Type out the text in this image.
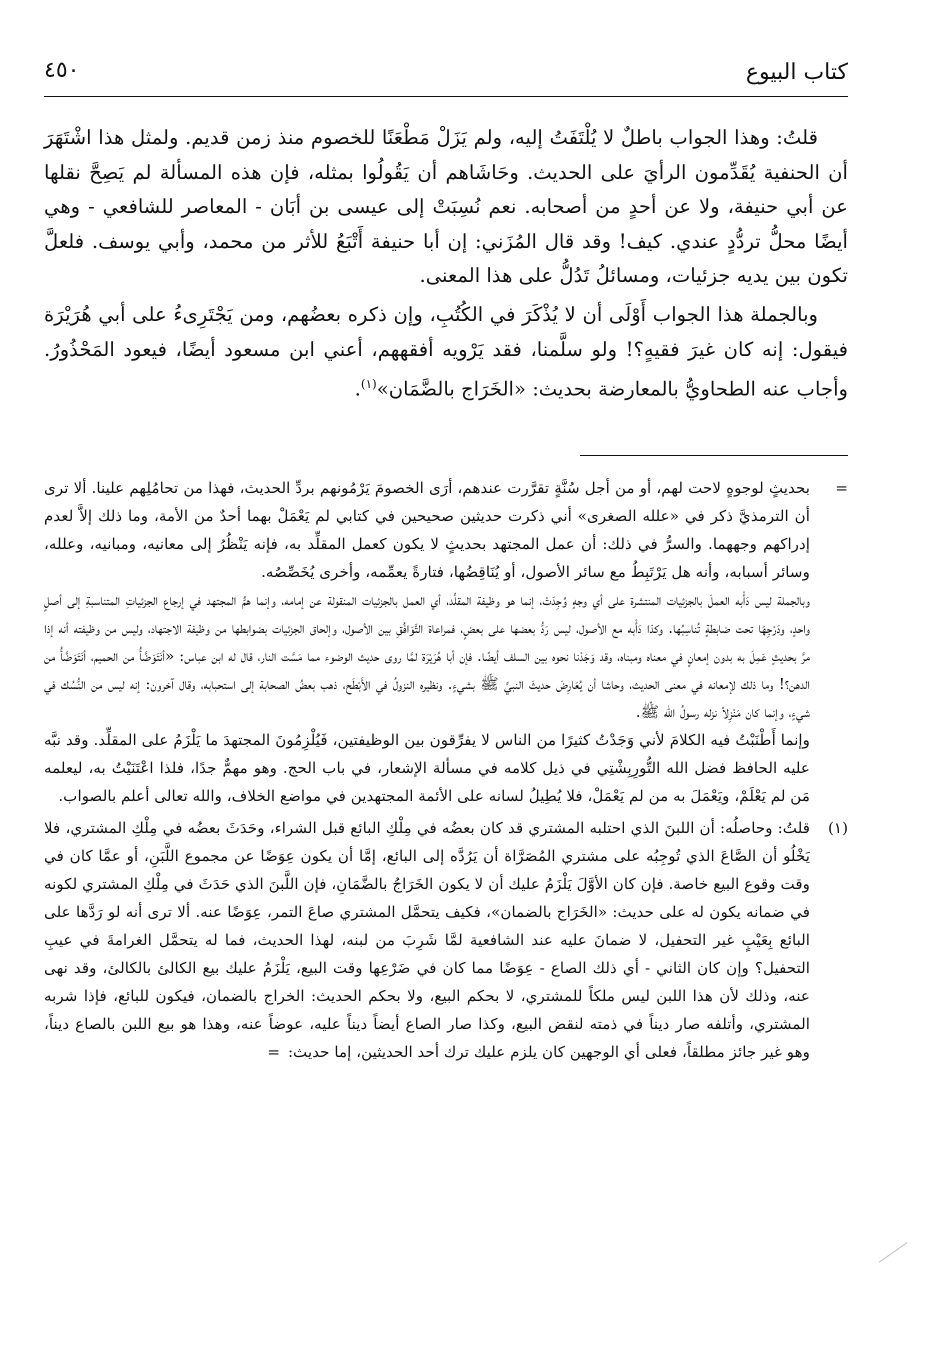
كتاب البيوع
٤٥٠

قلتُ: وهذا الجواب باطلٌ لا يُلْتَفَتُ إليه، ولم يَزَلْ مَطْعَنًا للخصوم منذ زمن قديم. ولمثل هذا اشْتَهَرَ أن الحنفية يُقَدِّمون الرأيَ على الحديث. وحَاشَاهم أن يَقُولُوا بمثله، فإن هذه المسألة لم يَصِحَّ نقلها عن أبي حنيفة، ولا عن أحدٍ من أصحابه. نعم نُسِبَتْ إلى عيسى بن أبَان - المعاصر للشافعي - وهي أيضًا محلُّ تردُّدٍ عندي. كيف! وقد قال المُزَني: إن أبا حنيفة أَتْبَعُ للأثر من محمد، وأبي يوسف. فلعلَّ تكون بين يديه جزئيات، ومسائلُ تَدُلُّ على هذا المعنى.

وبالجملة هذا الجواب أَوْلَى أن لا يُذْكَرَ في الكُتُبِ، وإن ذكره بعضُهم، ومن يَجْتَرِىءُ على أبي هُرَيْرَة فيقول: إنه كان غيرَ فقيهٍ؟! ولو سلَّمنا، فقد يَرْويه أفقههم، أعني ابن مسعود أيضًا، فيعود المَحْذُورُ. وأجاب عنه الطحاويُّ بالمعارضة بحديث: «الخَرَاج بالضَّمَان»$^{(١)}$.

=

بحديثٍ لوجوهٍ لاحت لهم، أو من أجل سُنَّةٍ تقرَّرت عندهم، أرَى الخصومَ يَرْمُونهم بردِّ الحديث، فهذا من تحامُلِهم علينا. ألا ترى أن الترمذيَّ ذكر في «علله الصغرى» أني ذكرت حديثين صحيحين في كتابي لم يَعْمَلْ بهما أحدٌ من الأمة، وما ذلك إلاَّ لعدم إدراكهم وجههما. والسرُّ في ذلك: أن عمل المجتهد بحديثٍ لا يكون كعمل المقلِّد به، فإنه يَنْظُرُ إلى معانيه، ومبانيه، وعلله، وسائر أسبابه، وأنه هل يَرْتَبِطُ مع سائر الأصول، أو يُنَاقِضُها، فتارةً يعمِّمه، وأخرى يُخَصِّصُه.

وبالجملة ليس دَأْبه العملَ بالجزئيات المنتشرة على أي وجهٍ وُجِدَتْ، إنما هو وظيفة المقلِّد، أي العمل بالجزئيات المنقولة عن إمامه، وإنما همُّ المجتهد في إرجاع الجزئياتِ المتناسبةِ إلى أصلٍ واحدٍ، ودَرْجِهَا تحت ضابطةٍ تُناسِبُها. وكذا دَأْبه مع الأصول، ليس رَدُّ بعضها على بعضٍ، فمراعاة التَّوَافُقِ بين الأصول، وإلحاق الجزئيات بضوابطها من وظيفة الاجتهاد، وليس من وظيفته أنه إذا مرَّ بحديثٍ عَمِلَ به بدون إمعانٍ في معناه ومبناه، وقد وَجَدْنا نحوه بين السلف أيضًا. فإن أبا هُرَيْرَة لمَّا روى حديث الوضوء مما مَسَّت النار، قال له ابن عباس: «أنَتَوَضَّأُ من الحميم، أنَتَوَضَّأُ من الدهن؟! وما ذلك لإمعانه في معنى الحديث، وحاشا أن يُعَارِضَ حديثَ النبيِّ ﷺ بشيءٍ. ونظيره النزولُ في الأَبْطَح، ذهب بعضُ الصحابة إلى استحبابه، وقال آخرون: إنه ليس من النُّسُك في شيءٍ، وإنما كان مَنْزِلاً نزله رسولُ الله ﷺ.

وإنما أَطْنَبْتُ فيه الكلامَ لأني وَجَدْتُ كثيرًا من الناس لا يفرِّقون بين الوظيفتين، فَيُلْزِمُونَ المجتهدَ ما يَلْزَمُ على المقلِّد. وقد نبَّه عليه الحافظ فضل الله التُّورِبِشْتِي في ذيل كلامه في مسألة الإشعار، في باب الحج. وهو مهمٌّ جدًا، فلذا اعْتَنَيْتُ به، ليعلمه مَن لم يَعْلَمْ، ويَعْمَلَ به من لم يَعْمَلْ، فلا يُطِيلُ لسانه على الأئمة المجتهدين في مواضع الخلاف، والله تعالى أعلم بالصواب.

(١)

قلتُ: وحاصلُه: أن اللبنَ الذي احتلبه المشتري قد كان بعضُه في مِلْكِ البائع قبل الشراء، وحَدَثَ بعضُه في مِلْكِ المشتري، فلا يَخْلُو أن الصَّاعَ الذي تُوجِبُه على مشتري المُصَرَّاة أن يَرُدَّه إلى البائع، إمَّا أن يكون عِوَضًا عن مجموع اللَّبَنِ، أو عمَّا كان في وقت وقوع البيع خاصة. فإن كان الأوَّلَ يَلْزَمُ عليك أن لا يكون الخَرَاجُ بالضَّمَانِ، فإن اللَّبنَ الذي حَدَثَ في مِلْكِ المشتري لكونه في ضمانه يكون له على حديث: «الخَرَاج بالضمان»، فكيف يتحمَّل المشتري صاعَ التمر، عِوَضًا عنه. ألا ترى أنه لو رَدَّها على البائع بِعَيْبٍ غير التحفيل، لا ضمانَ عليه عند الشافعية لمَّا شَرِبَ من لبنه، لهذا الحديث، فما له يتحمَّل الغرامةَ في عيبِ التحفيل؟ وإن كان الثاني - أي ذلك الصاع - عِوَضًا مما كان في ضَرْعِها وقت البيع، يَلْزَمُ عليك بيع الكالئ بالكالئ، وقد نهى عنه، وذلك لأن هذا اللبن ليس ملكاً للمشتري، لا بحكم البيع، ولا بحكم الحديث: الخراج بالضمان، فيكون للبائع، فإذا شربه المشتري، وأتلفه صار ديناً في ذمته لنقض البيع، وكذا صار الصاع أيضاً ديناً عليه، عوضاً عنه، وهذا هو بيع اللبن بالصاع ديناً، وهو غير جائز مطلقاً، فعلى أي الوجهين كان يلزم عليك ترك أحد الحديثين، إما حديث:=
